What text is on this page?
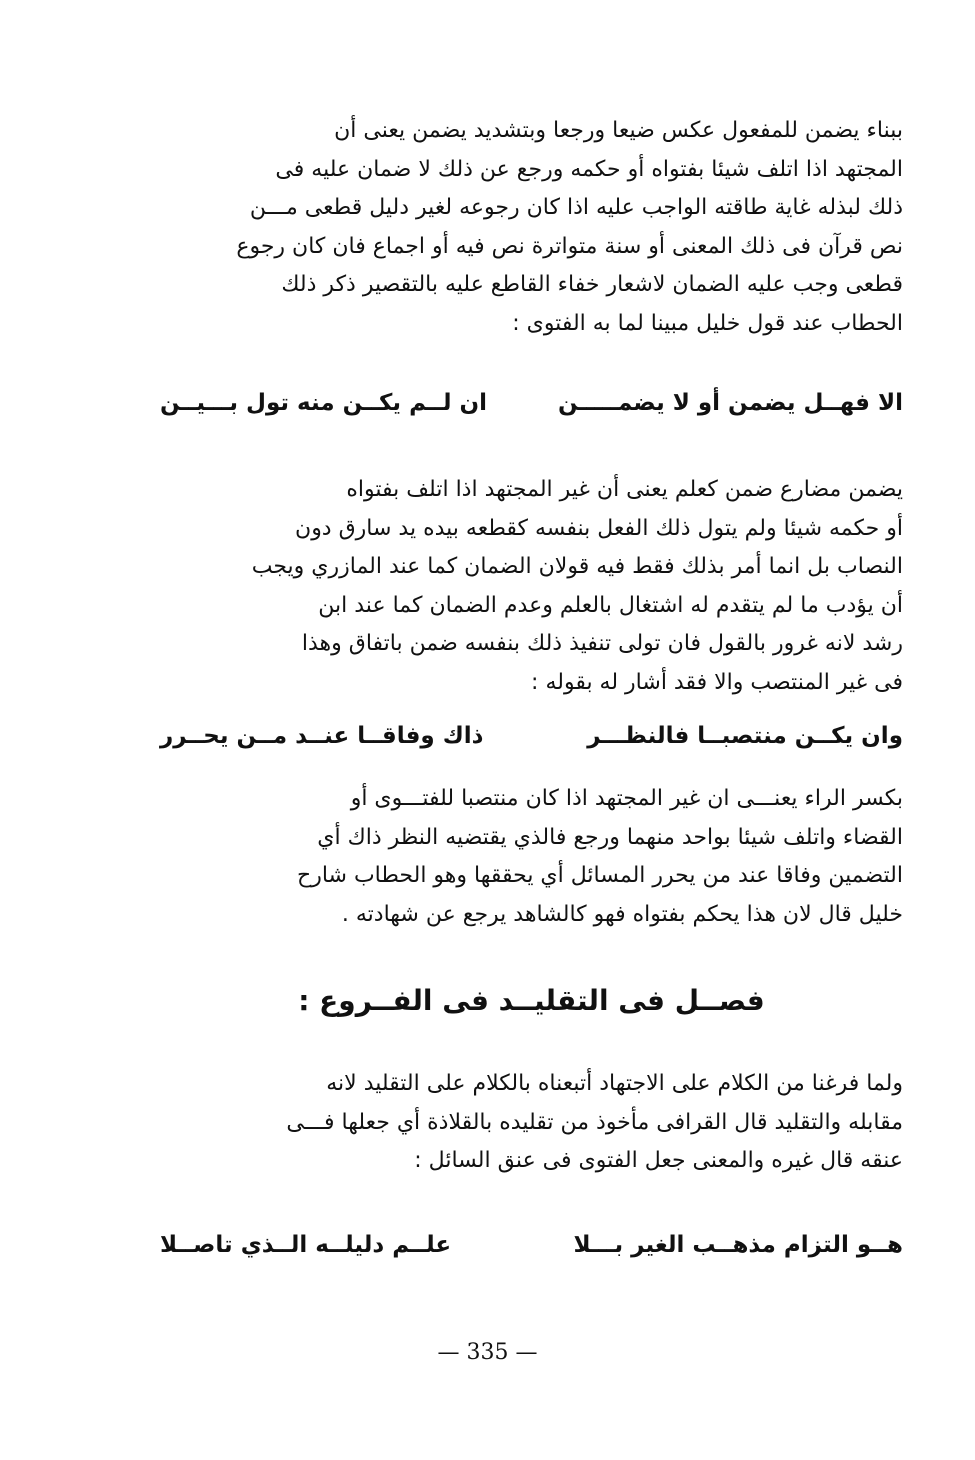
ببناء يضمن للمفعول عكس ضيعا ورجعا وبتشديد يضمن يعنى أن
المجتهد اذا اتلف شيئا بفتواه أو حكمه ورجع عن ذلك لا ضمان عليه فى
ذلك لبذله غاية طاقته الواجب عليه اذا كان رجوعه لغير دليل قطعى مـــن
نص قرآن فى ذلك المعنى أو سنة متواترة نص فيه أو اجماع فان كان رجوع
قطعى وجب عليه الضمان لاشعار خفاء القاطع عليه بالتقصير ذكر ذلك
الحطاب عند قول خليل مبينا لما به الفتوى :
الا فهــل يضمن أو لا يضمـــــن
ان لــم يكــن منه تول بـــيــن
يضمن مضارع ضمن كعلم يعنى أن غير المجتهد اذا اتلف بفتواه
أو حكمه شيئا ولم يتول ذلك الفعل بنفسه كقطعه بيده يد سارق دون
النصاب بل انما أمر بذلك فقط فيه قولان الضمان كما عند المازري ويجب
أن يؤدب ما لم يتقدم له اشتغال بالعلم وعدم الضمان كما عند ابن
رشد لانه غرور بالقول فان تولى تنفيذ ذلك بنفسه ضمن باتفاق وهذا
فى غير المنتصب والا فقد أشار له بقوله :
وان يكــن منتصبــا فالنظـــر
ذاك وفاقــا عنــد مــن يحــرر
بكسر الراء يعنـــى ان غير المجتهد اذا كان منتصبا للفتـــوى أو
القضاء واتلف شيئا بواحد منهما ورجع فالذي يقتضيه النظر ذاك أي
التضمين وفاقا عند من يحرر المسائل أي يحققها وهو الحطاب شارح
خليل قال لان هذا يحكم بفتواه فهو كالشاهد يرجع عن شهادته .
فصــل فى التقليــد فى الفــروع :
ولما فرغنا من الكلام على الاجتهاد أتبعناه بالكلام على التقليد لانه
مقابله والتقليد قال القرافى مأخوذ من تقليده بالقلاذة أي جعلها فـــى
عنقه قال غيره والمعنى جعل الفتوى فى عنق السائل :
هــو التزام مذهــب الغير بـــلا
علــم دليلــه الــذي تاصــلا
— 335 —
